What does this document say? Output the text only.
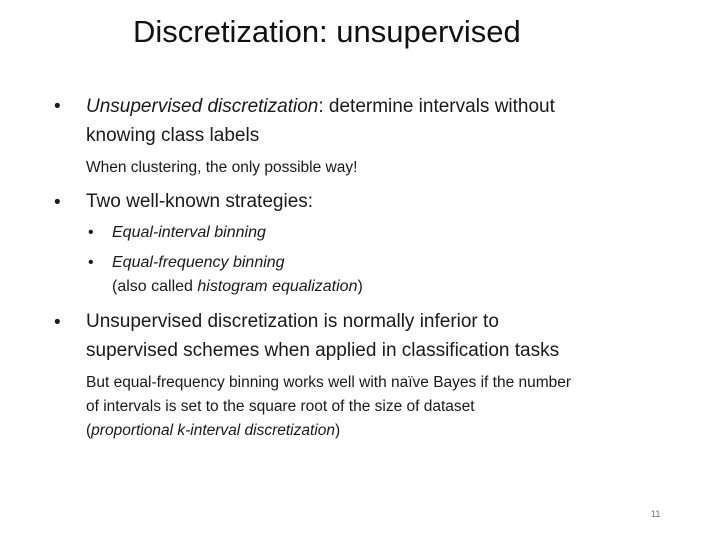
Discretization: unsupervised
• Unsupervised discretization: determine intervals without
knowing class labels
When clustering, the only possible way!
• Two well-known strategies:
• Equal-interval binning
• Equal-frequency binning
(also called histogram equalization)
• Unsupervised discretization is normally inferior to
supervised schemes when applied in classification tasks
But equal-frequency binning works well with naïve Bayes if the number
of intervals is set to the square root of the size of dataset
(proportional k-interval discretization)
11
